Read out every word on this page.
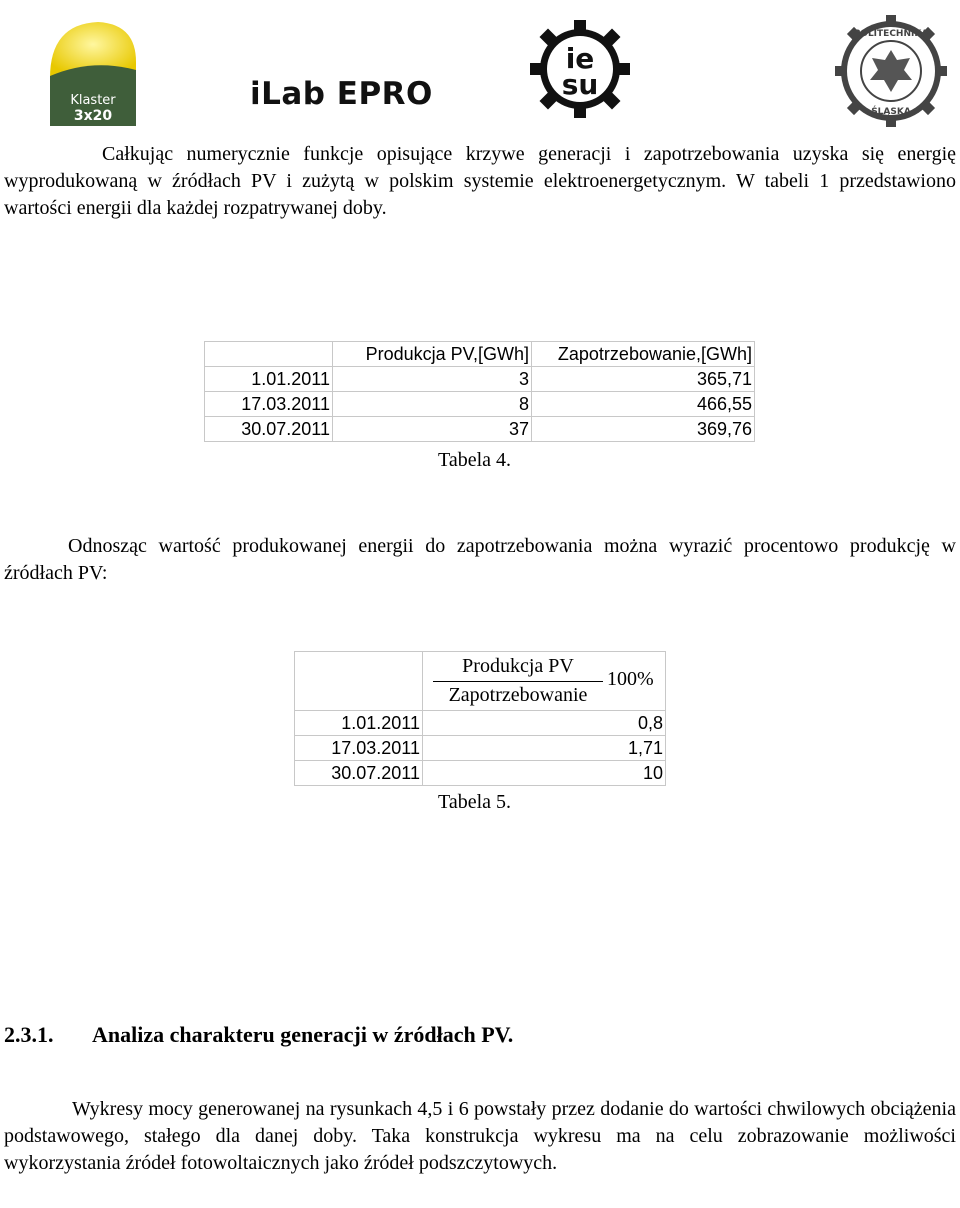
Klaster
3x20
iLab EPRO
ie
su
POLITECHNIKA
ŚLĄSKA

Całkując numerycznie funkcje opisujące krzywe generacji i zapotrzebowania uzyska się energię wyprodukowaną w źródłach PV i zużytą w polskim systemie elektroenergetycznym. W tabeli 1 przedstawiono wartości energii dla każdej rozpatrywanej doby.

	Produkcja PV,[GWh]	Zapotrzebowanie,[GWh]
1.01.2011	3	365,71
17.03.2011	8	466,55
30.07.2011	37	369,76
Tabela 4.

Odnosząc wartość produkowanej energii do zapotrzebowania można wyrazić procentowo produkcję w źródłach PV:

	Produkcja PV
Zapotrzebowanie
100%

1.01.2011	0,8
17.03.2011	1,71
30.07.2011	10
Tabela 5.
2.3.1. Analiza charakteru generacji w źródłach PV.

Wykresy mocy generowanej na rysunkach 4,5 i 6 powstały przez dodanie do wartości chwilowych obciążenia podstawowego, stałego dla danej doby. Taka konstrukcja wykresu ma na celu zobrazowanie możliwości wykorzystania źródeł fotowoltaicznych jako źródeł podszczytowych.
